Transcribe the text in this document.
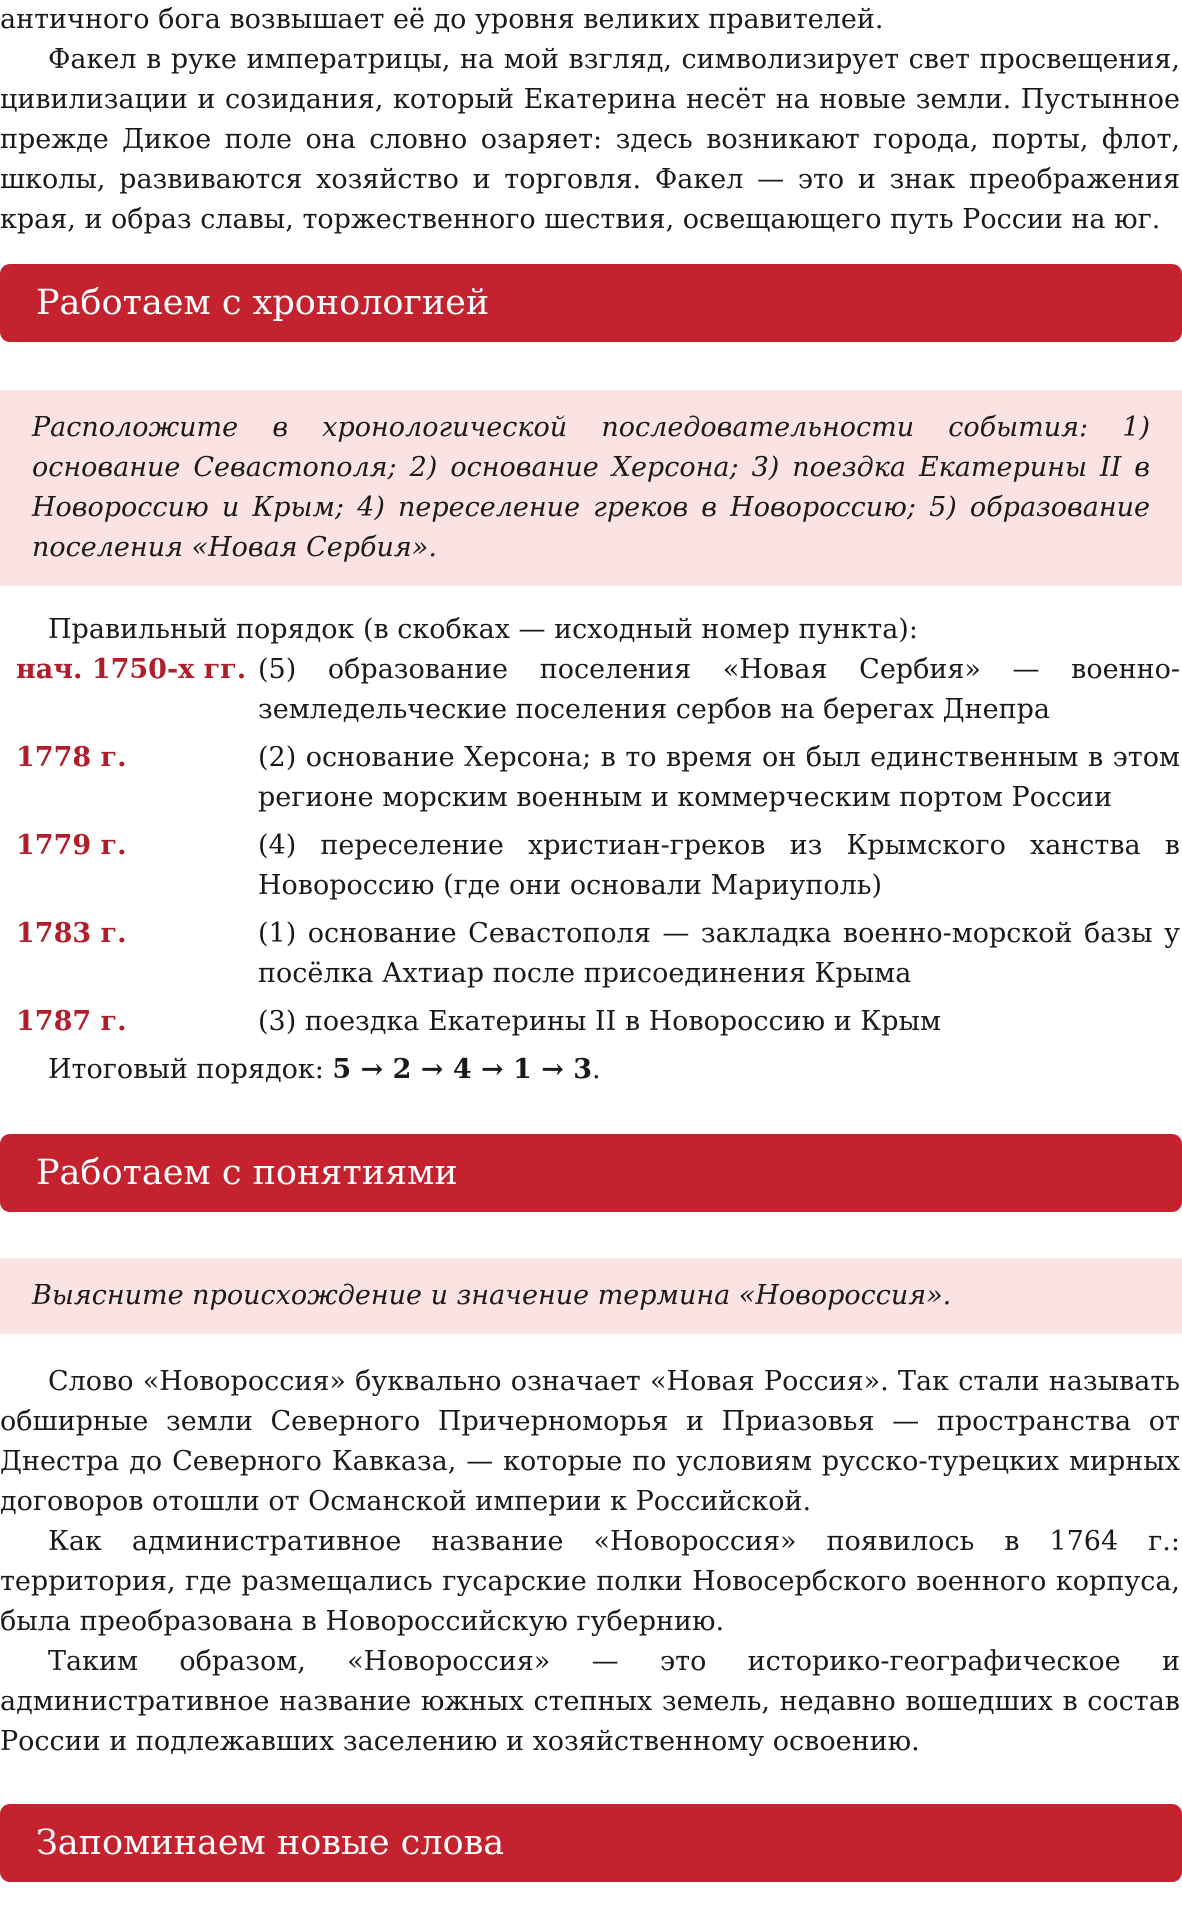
античного бога возвышает её до уровня великих правителей.

Факел в руке императрицы, на мой взгляд, символизирует свет просвещения, цивилизации и созидания, который Екатерина несёт на новые земли. Пустынное прежде Дикое поле она словно озаряет: здесь возникают города, порты, флот, школы, развиваются хозяйство и торговля. Факел — это и знак преображения края, и образ славы, торжественного шествия, освещающего путь России на юг.

Работаем с хронологией
Расположите в хронологической последовательности события: 1) основание Севастополя; 2) основание Херсона; 3) поездка Екатерины II в Новороссию и Крым; 4) переселение греков в Новороссию; 5) образование поселения «Новая Сербия».

Правильный порядок (в скобках — исходный номер пункта):

нач. 1750-х гг. (5) образование поселения «Новая Сербия» — военно-земледельческие поселения сербов на берегах Днепра
1778 г.	(2) основание Херсона; в то время он был единственным в этом регионе морским военным и коммерческим портом России
1779 г.	(4) переселение христиан-греков из Крымского ханства в Новороссию (где они основали Мариуполь)
1783 г.	(1) основание Севастополя — закладка военно-морской базы у посёлка Ахтиар после присоединения Крыма
1787 г.	(3) поездка Екатерины II в Новороссию и Крым

Итоговый порядок: 5 → 2 → 4 → 1 → 3.

Работаем с понятиями
Выясните происхождение и значение термина «Новороссия».

Слово «Новороссия» буквально означает «Новая Россия». Так стали называть обширные земли Северного Причерноморья и Приазовья — пространства от Днестра до Северного Кавказа, — которые по условиям русско-турецких мирных договоров отошли от Османской империи к Российской.

Как административное название «Новороссия» появилось в 1764 г.: территория, где размещались гусарские полки Новосербского военного корпуса, была преобразована в Новороссийскую губернию.

Таким образом, «Новороссия» — это историко-географическое и административное название южных степных земель, недавно вошедших в состав России и подлежавших заселению и хозяйственному освоению.

Запоминаем новые слова
